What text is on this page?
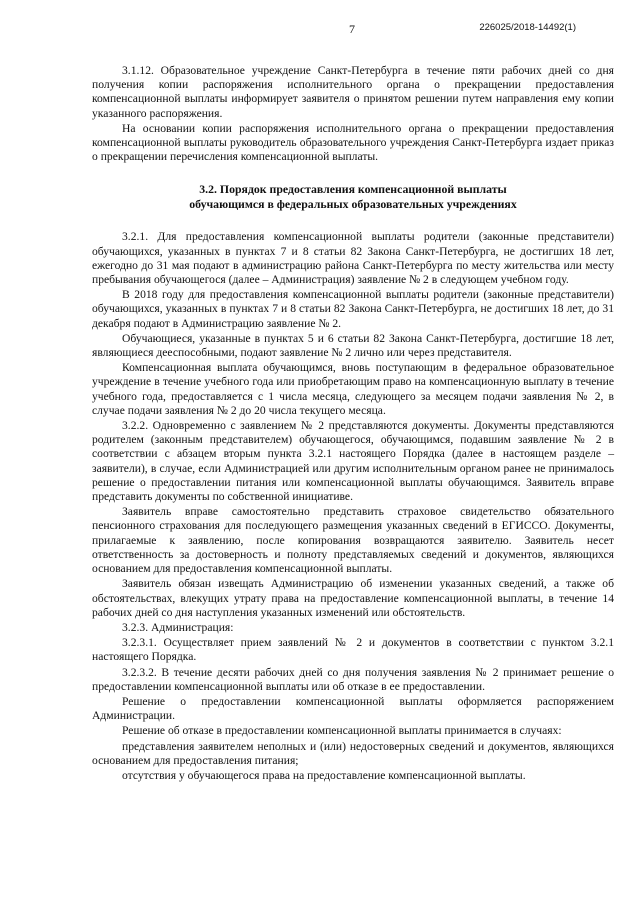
7	226025/2018-14492(1)

3.1.12. Образовательное учреждение Санкт-Петербурга в течение пяти рабочих дней со дня получения копии распоряжения исполнительного органа о прекращении предоставления компенсационной выплаты информирует заявителя о принятом решении путем направления ему копии указанного распоряжения.

На основании копии распоряжения исполнительного органа о прекращении предоставления компенсационной выплаты руководитель образовательного учреждения Санкт-Петербурга издает приказ о прекращении перечисления компенсационной выплаты.

3.2. Порядок предоставления компенсационной выплаты
обучающимся в федеральных образовательных учреждениях

3.2.1. Для предоставления компенсационной выплаты родители (законные представители) обучающихся, указанных в пунктах 7 и 8 статьи 82 Закона Санкт-Петербурга, не достигших 18 лет, ежегодно до 31 мая подают в администрацию района Санкт-Петербурга по месту жительства или месту пребывания обучающегося (далее – Администрация) заявление № 2 в следующем учебном году.

В 2018 году для предоставления компенсационной выплаты родители (законные представители) обучающихся, указанных в пунктах 7 и 8 статьи 82 Закона Санкт-Петербурга, не достигших 18 лет, до 31 декабря подают в Администрацию заявление № 2.

Обучающиеся, указанные в пунктах 5 и 6 статьи 82 Закона Санкт-Петербурга, достигшие 18 лет, являющиеся дееспособными, подают заявление № 2 лично или через представителя.

Компенсационная выплата обучающимся, вновь поступающим в федеральное образовательное учреждение в течение учебного года или приобретающим право на компенсационную выплату в течение учебного года, предоставляется с 1 числа месяца, следующего за месяцем подачи заявления № 2, в случае подачи заявления № 2 до 20 числа текущего месяца.

3.2.2. Одновременно с заявлением № 2 представляются документы. Документы представляются родителем (законным представителем) обучающегося, обучающимся, подавшим заявление № 2 в соответствии с абзацем вторым пункта 3.2.1 настоящего Порядка (далее в настоящем разделе – заявители), в случае, если Администрацией или другим исполнительным органом ранее не принималось решение о предоставлении питания или компенсационной выплаты обучающимся. Заявитель вправе представить документы по собственной инициативе.

Заявитель вправе самостоятельно представить страховое свидетельство обязательного пенсионного страхования для последующего размещения указанных сведений в ЕГИССО. Документы, прилагаемые к заявлению, после копирования возвращаются заявителю. Заявитель несет ответственность за достоверность и полноту представляемых сведений и документов, являющихся основанием для предоставления компенсационной выплаты.

Заявитель обязан извещать Администрацию об изменении указанных сведений, а также об обстоятельствах, влекущих утрату права на предоставление компенсационной выплаты, в течение 14 рабочих дней со дня наступления указанных изменений или обстоятельств.

3.2.3. Администрация:

3.2.3.1. Осуществляет прием заявлений № 2 и документов в соответствии с пунктом 3.2.1 настоящего Порядка.

3.2.3.2. В течение десяти рабочих дней со дня получения заявления № 2 принимает решение о предоставлении компенсационной выплаты или об отказе в ее предоставлении.

Решение о предоставлении компенсационной выплаты оформляется распоряжением Администрации.

Решение об отказе в предоставлении компенсационной выплаты принимается в случаях:

представления заявителем неполных и (или) недостоверных сведений и документов, являющихся основанием для предоставления питания;

отсутствия у обучающегося права на предоставление компенсационной выплаты.
